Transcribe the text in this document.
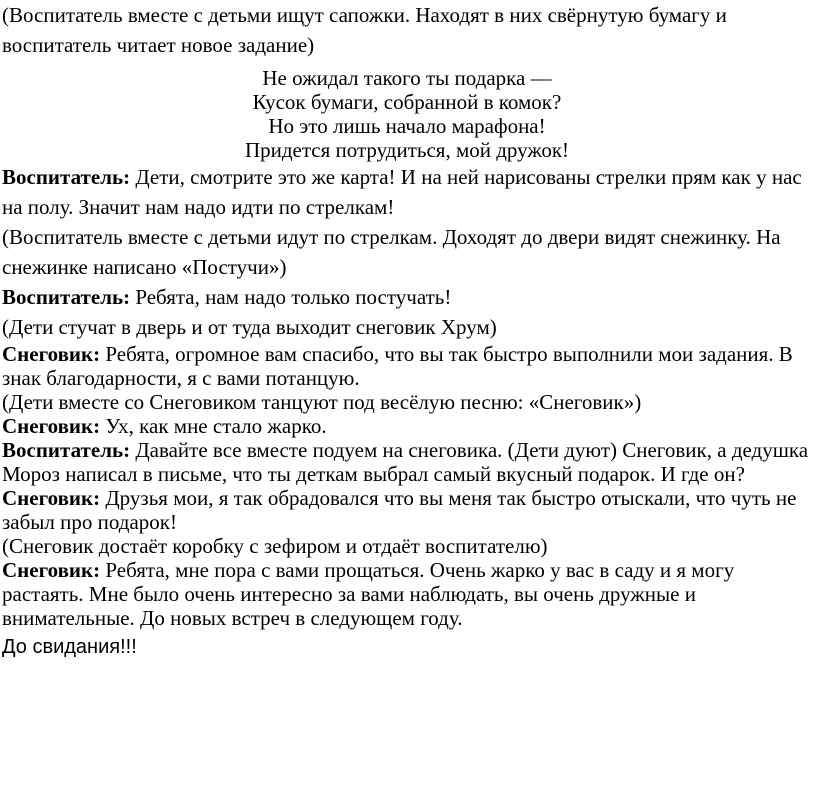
(Воспитатель вместе с детьми ищут сапожки. Находят в них свёрнутую бумагу и воспитатель читает новое задание)

Не ожидал такого ты подарка —
Кусок бумаги, собранной в комок?
Но это лишь начало марафона!
Придется потрудиться, мой дружок!

Воспитатель: Дети, смотрите это же карта! И на ней нарисованы стрелки прям как у нас на полу. Значит нам надо идти по стрелкам!

(Воспитатель вместе с детьми идут по стрелкам. Доходят до двери видят снежинку. На снежинке написано «Постучи»)

Воспитатель: Ребята, нам надо только постучать!

(Дети стучат в дверь и от туда выходит снеговик Хрум)

Снеговик: Ребята, огромное вам спасибо, что вы так быстро выполнили мои задания. В знак благодарности, я с вами потанцую.

(Дети вместе со Снеговиком танцуют под весёлую песню: «Снеговик»)

Снеговик: Ух, как мне стало жарко.

Воспитатель: Давайте все вместе подуем на снеговика. (Дети дуют) Снеговик, а дедушка Мороз написал в письме, что ты деткам выбрал самый вкусный подарок. И где он?

Снеговик: Друзья мои, я так обрадовался что вы меня так быстро отыскали, что чуть не забыл про подарок!

(Снеговик достаёт коробку с зефиром и отдаёт воспитателю)

Снеговик: Ребята, мне пора с вами прощаться. Очень жарко у вас в саду и я могу растаять. Мне было очень интересно за вами наблюдать, вы очень дружные и внимательные. До новых встреч в следующем году.

До свидания!!!
